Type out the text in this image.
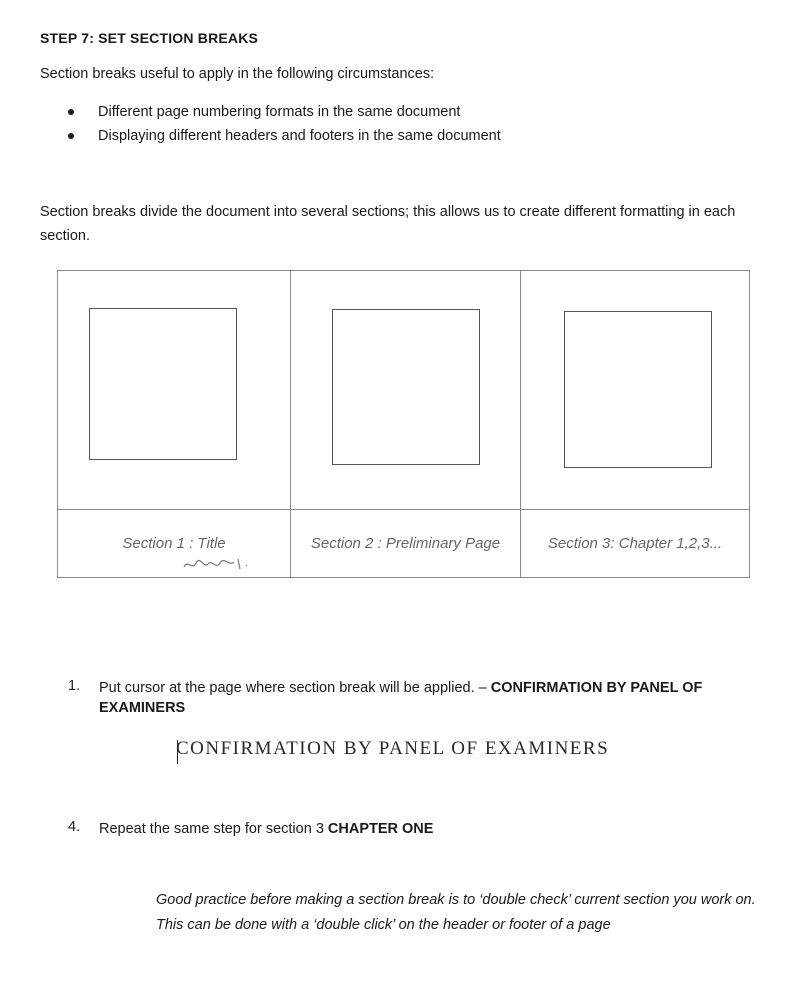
STEP 7: SET SECTION BREAKS
Section breaks useful to apply in the following circumstances:
Different page numbering formats in the same document
Displaying different headers and footers in the same document
Section breaks divide the document into several sections; this allows us to create different formatting in each section.
Section 1 : Title	Section 2 : Preliminary Page	Section 3: Chapter 1,2,3...
1. Put cursor at the page where section break will be applied. – CONFIRMATION BY PANEL OF EXAMINERS
CONFIRMATION BY PANEL OF EXAMINERS
4. Repeat the same step for section 3 CHAPTER ONE
Good practice before making a section break is to ‘double check’ current section you work on. This can be done with a ‘double click’ on the header or footer of a page
